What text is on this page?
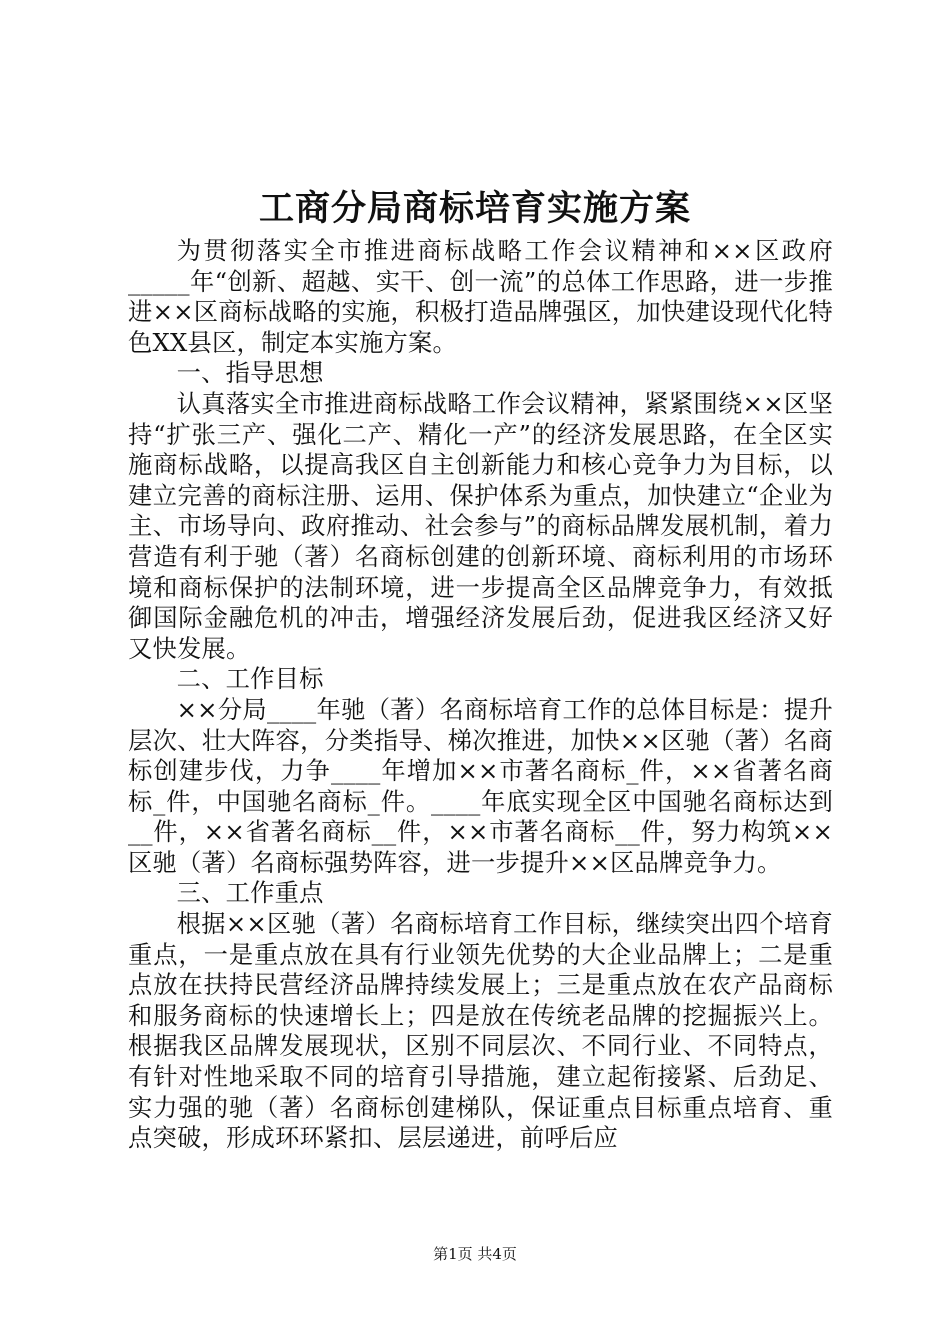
工商分局商标培育实施方案

为贯彻落实全市推进商标战略工作会议精神和××区政府_____年“创新、超越、实干、创一流”的总体工作思路，进一步推进××区商标战略的实施，积极打造品牌强区，加快建设现代化特色XX县区，制定本实施方案。

一、指导思想

认真落实全市推进商标战略工作会议精神，紧紧围绕××区坚持“扩张三产、强化二产、精化一产”的经济发展思路，在全区实施商标战略，以提高我区自主创新能力和核心竞争力为目标，以建立完善的商标注册、运用、保护体系为重点，加快建立“企业为主、市场导向、政府推动、社会参与”的商标品牌发展机制，着力营造有利于驰（著）名商标创建的创新环境、商标利用的市场环境和商标保护的法制环境，进一步提高全区品牌竞争力，有效抵御国际金融危机的冲击，增强经济发展后劲，促进我区经济又好又快发展。

二、工作目标

××分局____年驰（著）名商标培育工作的总体目标是：提升层次、壮大阵容，分类指导、梯次推进，加快××区驰（著）名商标创建步伐，力争____年增加××市著名商标_件，××省著名商标_件，中国驰名商标_件。____年底实现全区中国驰名商标达到__件，××省著名商标__件，××市著名商标__件，努力构筑××区驰（著）名商标强势阵容，进一步提升××区品牌竞争力。

三、工作重点

根据××区驰（著）名商标培育工作目标，继续突出四个培育重点，一是重点放在具有行业领先优势的大企业品牌上；二是重点放在扶持民营经济品牌持续发展上；三是重点放在农产品商标和服务商标的快速增长上；四是放在传统老品牌的挖掘振兴上。根据我区品牌发展现状，区别不同层次、不同行业、不同特点，有针对性地采取不同的培育引导措施，建立起衔接紧、后劲足、实力强的驰（著）名商标创建梯队，保证重点目标重点培育、重点突破，形成环环紧扣、层层递进，前呼后应

第1页 共4页
